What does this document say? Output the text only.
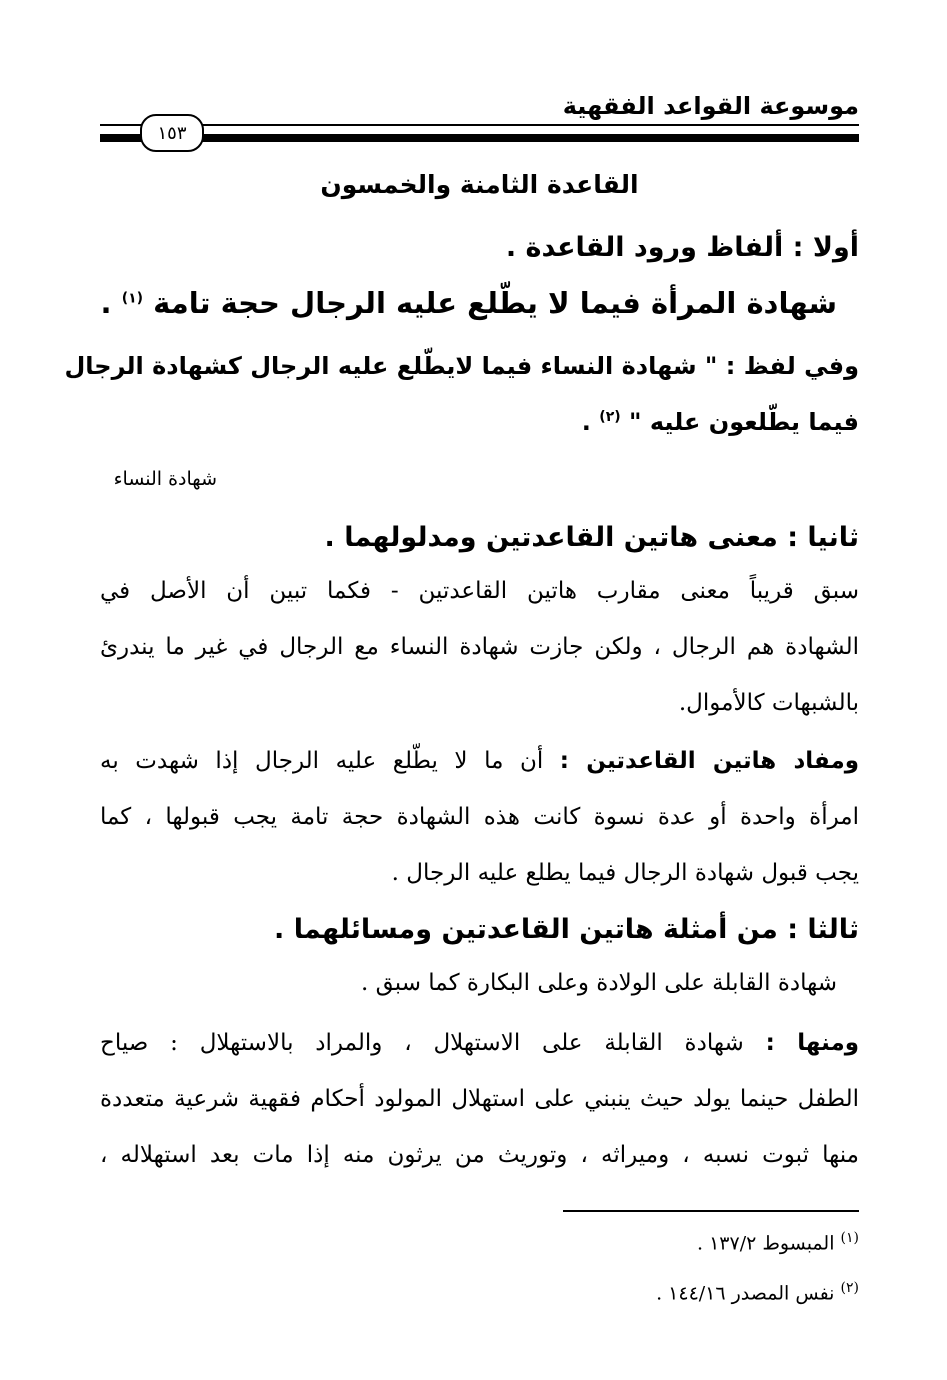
موسوعة القواعد الفقهية
١٥٣
القاعدة الثامنة والخمسون
أولا : ألفاظ ورود القاعدة .
شهادة المرأة فيما لا يطّلع عليه الرجال حجة تامة $^{(١)}$ .
وفي لفظ : " شهادة النساء فيما لايطّلع عليه الرجال كشهادة الرجال
فيما يطّلعون عليه " $^{(٢)}$ .
شهادة النساء
ثانيا : معنى هاتين القاعدتين ومدلولهما .
سبق قريباً معنى مقارب هاتين القاعدتين - فكما تبين أن الأصل في
الشهادة هم الرجال ، ولكن جازت شهادة النساء مع الرجال في غير ما يندرئ
بالشبهات كالأموال.
ومفاد هاتين القاعدتين : أن ما لا يطّلع عليه الرجال إذا شهدت به
امرأة واحدة أو عدة نسوة كانت هذه الشهادة حجة تامة يجب قبولها ، كما
يجب قبول شهادة الرجال فيما يطلع عليه الرجال .
ثالثا : من أمثلة هاتين القاعدتين ومسائلهما .
شهادة القابلة على الولادة وعلى البكارة كما سبق .
ومنها : شهادة القابلة على الاستهلال ، والمراد بالاستهلال : صياح
الطفل حينما يولد حيث ينبني على استهلال المولود أحكام فقهية شرعية متعددة
منها ثبوت نسبه ، وميراثه ، وتوريث من يرثون منه إذا مات بعد استهلاله ،
$^{(١)}$ المبسوط ١٣٧/٢ .
$^{(٢)}$ نفس المصدر ١٤٤/١٦ .
